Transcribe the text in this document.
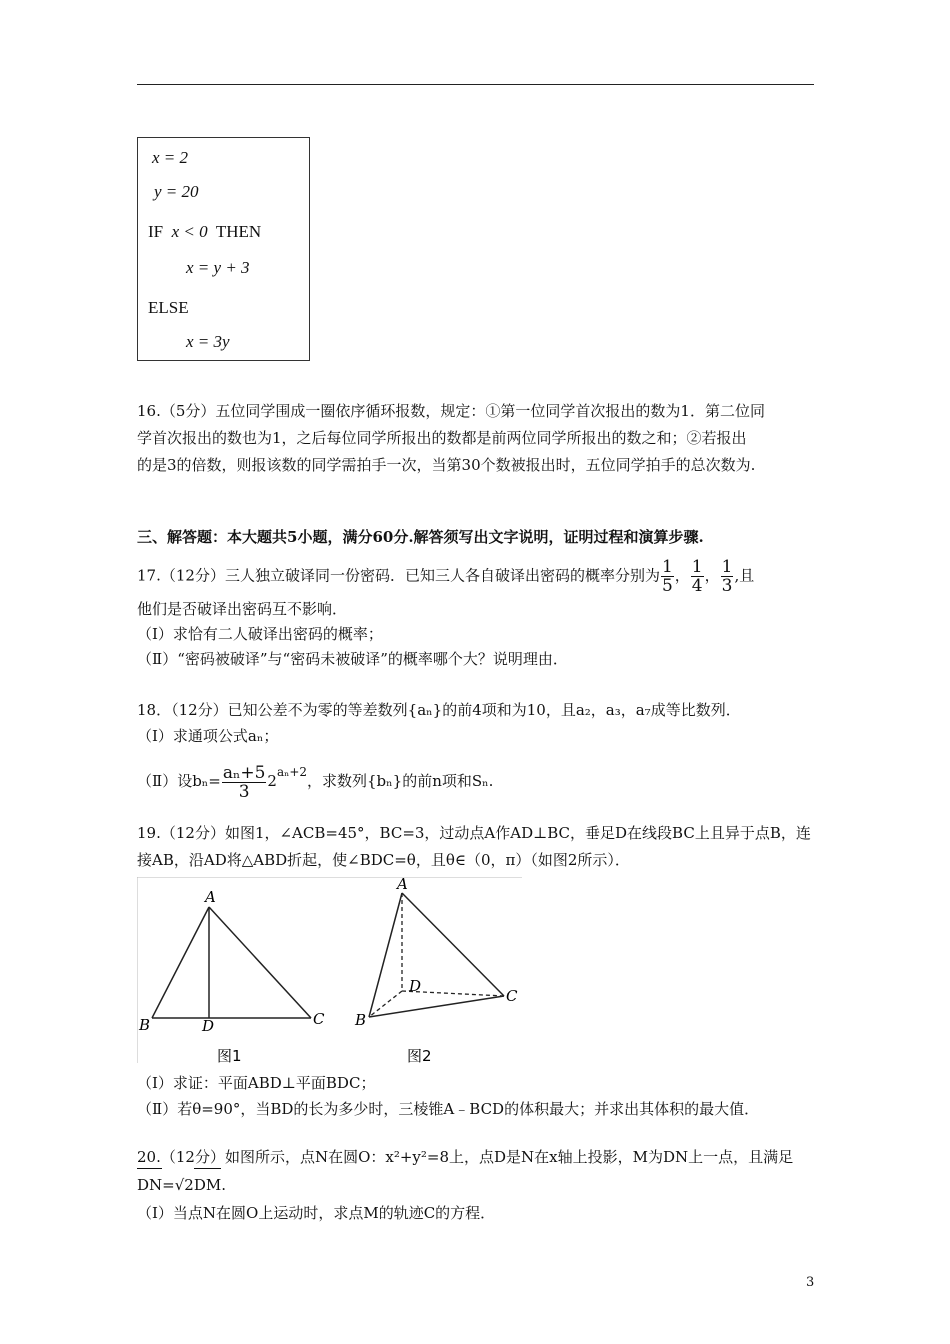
x = 2
y = 20
IF x < 0 THEN
x = y + 3
ELSE
x = 3y
16.（5分）五位同学围成一圈依序循环报数，规定：①第一位同学首次报出的数为1．第二位同
学首次报出的数也为1，之后每位同学所报出的数都是前两位同学所报出的数之和；②若报出
的是3的倍数，则报该数的同学需拍手一次，当第30个数被报出时，五位同学拍手的总次数为.
三、解答题：本大题共5小题，满分60分.解答须写出文字说明，证明过程和演算步骤.
17.（12分）三人独立破译同一份密码．已知三人各自破译出密码的概率分别为 $\frac{1}{5}$ ， $\frac{1}{4}$ ， $\frac{1}{3}$ ,且
他们是否破译出密码互不影响．
（Ⅰ）求恰有二人破译出密码的概率；
（Ⅱ）“密码被破译”与“密码未被破译”的概率哪个大？说明理由．
18．（12分）已知公差不为零的等差数列{aₙ}的前4项和为10，且a₂，a₃，a₇成等比数列．
（Ⅰ）求通项公式aₙ；
（Ⅱ）设$b_n= \frac{\text{aₙ+5}}{3} 2^{a_n+2}$，求数列{bₙ}的前n项和Sₙ.
19.（12分）如图1，∠ACB=45°，BC=3，过动点A作AD⊥BC，垂足D在线段BC上且异于点B，连
接AB，沿AD将△ABD折起，使∠BDC=θ，且θ∈（0，π）（如图2所示）．
A
B	C
D
图1
A
B
C
D
图2
（Ⅰ）求证：平面ABD⊥平面BDC；
（Ⅱ）若θ=90°，当BD的长为多少时，三棱锥A﹣BCD的体积最大；并求出其体积的最大值．
20.（12分）如图所示，点N在圆O：x²+y²=8上，点D是N在x轴上投影，M为DN上一点，且满足
DN=√2DM.
（Ⅰ）当点N在圆O上运动时，求点M的轨迹C的方程．
3
